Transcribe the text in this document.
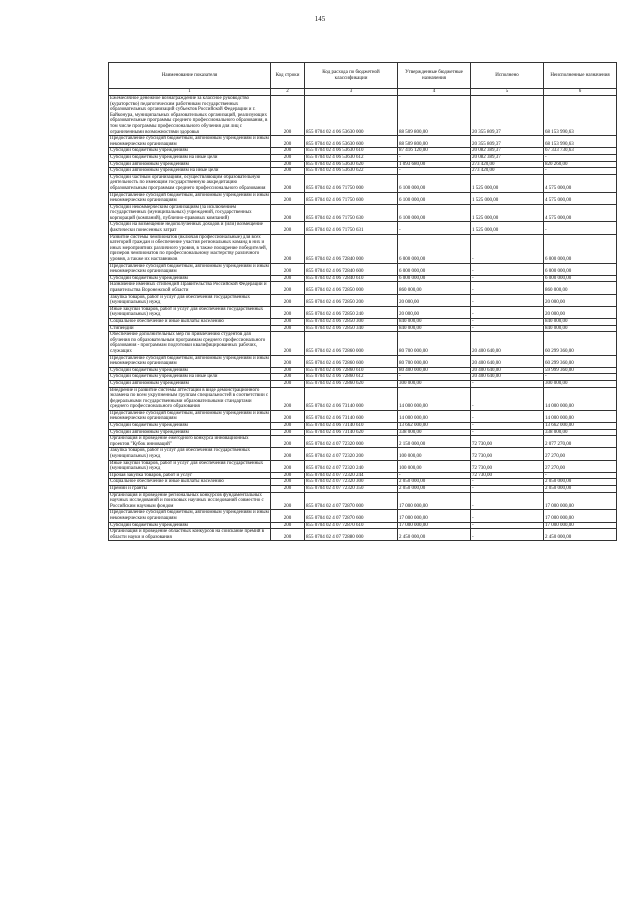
145
Наименование показателя	Код строки	Код расхода по бюджетной классификации	Утвержденные бюджетные назначения	Исполнено	Неисполненные назначения
1	2	3	4	5	6
Ежемесячное денежное вознаграждение за классное руководство (кураторство) педагогическим работникам государственных образовательных организаций субъектов Российской Федерации и г. Байконура, муниципальных образовательных организаций, реализующих образовательные программы среднего профессионального образования, в том числе программы профессионального обучения для лиц с ограниченными возможностями здоровья	200	855 0704 02 4 06 53630 000	88 509 800,00	20 355 809,37	68 153 990,63
Предоставление субсидий бюджетным, автономным учреждениям и иным некоммерческим организациям	200	855 0704 02 4 06 53630 600	88 509 800,00	20 355 809,37	68 153 990,63
Субсидии бюджетным учреждениям	200	855 0704 02 4 06 53630 610	87 416 120,00	20 082 389,37	67 333 730,63
Субсидии бюджетным учреждениям на иные цели	200	855 0704 02 4 06 53630 612	-	20 082 389,37	-
Субсидии автономным учреждениям	200	855 0704 02 4 06 53630 620	1 093 680,00	273 420,00	820 260,00
Субсидии автономным учреждениям на иные цели	200	855 0704 02 4 06 53630 622	-	273 420,00	-
Субсидии частным организациям, осуществляющим образовательную деятельность по имеющим государственную аккредитацию образовательным программам среднего профессионального образования	200	855 0704 02 4 06 71750 000	6 100 000,00	1 525 000,00	4 575 000,00
Предоставление субсидий бюджетным, автономным учреждениям и иным некоммерческим организациям	200	855 0704 02 4 06 71750 600	6 100 000,00	1 525 000,00	4 575 000,00
Субсидии некоммерческим организациям (за исключением государственных (муниципальных) учреждений, государственных корпораций (компаний), публично-правовых компаний)	200	855 0704 02 4 06 71750 630	6 100 000,00	1 525 000,00	4 575 000,00
Субсидии на возмещение недополученных доходов и (или) возмещение фактически понесенных затрат	200	855 0704 02 4 06 71750 631	-	1 525 000,00	-
Развитие системы чемпионатов (включая профессиональные) для всех категорий граждан и обеспечение участия региональных команд в них и иных мероприятиях различного уровня, в также поощрение победителей, призеров чемпионатов по профессиональному мастерству различного уровня, а также их наставников	200	855 0704 02 4 06 72840 000	6 000 000,00	-	6 000 000,00
Предоставление субсидий бюджетным, автономным учреждениям и иным некоммерческим организациям	200	855 0704 02 4 06 72840 600	6 000 000,00	-	6 000 000,00
Субсидии бюджетным учреждениям	200	855 0704 02 4 06 72840 610	6 000 000,00	-	6 000 000,00
Назначение именных стипендий Правительства Российской Федерации и правительства Воронежской области	200	855 0704 02 4 06 72850 000	860 000,00	-	860 000,00
Закупка товаров, работ и услуг для обеспечения государственных (муниципальных) нужд	200	855 0704 02 4 06 72850 200	20 000,00	-	20 000,00
Иные закупки товаров, работ и услуг для обеспечения государственных (муниципальных) нужд	200	855 0704 02 4 06 72850 240	20 000,00	-	20 000,00
Социальное обеспечение и иные выплаты населению	200	855 0704 02 4 06 72850 300	840 000,00	-	840 000,00
Стипендии	200	855 0704 02 4 06 72850 340	840 000,00	-	840 000,00
Обеспечение дополнительных мер по привлечению студентов для обучения по образовательным программам среднего профессионального образования - программам подготовки квалифицированных рабочих, служащих	200	855 0704 02 4 06 72860 000	80 700 000,00	20 400 640,00	60 299 360,00
Предоставление субсидий бюджетным, автономным учреждениям и иным некоммерческим организациям	200	855 0704 02 4 06 72860 600	80 700 000,00	20 400 640,00	60 299 360,00
Субсидии бюджетным учреждениям	200	855 0704 02 4 06 72860 610	80 400 000,00	20 400 640,00	59 999 360,00
Субсидии бюджетным учреждениям на иные цели	200	855 0704 02 4 06 72860 612	-	20 400 640,00	-
Субсидии автономным учреждениям	200	855 0704 02 4 06 72860 620	300 000,00	-	300 000,00
Внедрение и развитие системы аттестации в виде демонстрационного экзамена по всем укрупненным группам специальностей в соответствии с федеральными государственными образовательными стандартами среднего профессионального образования	200	855 0704 02 4 06 73140 000	14 000 000,00	-	14 000 000,00
Предоставление субсидий бюджетным, автономным учреждениям и иным некоммерческим организациям	200	855 0704 02 4 06 73140 600	14 000 000,00	-	14 000 000,00
Субсидии бюджетным учреждениям	200	855 0704 02 4 06 73140 610	13 662 000,00	-	13 662 000,00
Субсидии автономным учреждениям	200	855 0704 02 4 06 73140 620	338 000,00	-	338 000,00
Организация и проведение ежегодного конкурса инновационных проектов "Кубок инноваций"	200	855 0704 02 4 07 72320 000	2 150 000,00	72 730,00	2 077 270,00
Закупка товаров, работ и услуг для обеспечения государственных (муниципальных) нужд	200	855 0704 02 4 07 72320 200	100 000,00	72 730,00	27 270,00
Иные закупки товаров, работ и услуг для обеспечения государственных (муниципальных) нужд	200	855 0704 02 4 07 72320 240	100 000,00	72 730,00	27 270,00
Прочая закупка товаров, работ и услуг	200	855 0704 02 4 07 72320 244	-	72 730,00	-
Социальное обеспечение и иные выплаты населению	200	855 0704 02 4 07 72320 300	2 050 000,00	-	2 050 000,00
Премии и гранты	200	855 0704 02 4 07 72320 350	2 050 000,00	-	2 050 000,00
Организация и проведение региональных конкурсов фундаментальных научных исследований и поисковых научных исследований совместно с Российским научным фондом	200	855 0704 02 4 07 72870 000	17 000 000,00	-	17 000 000,00
Предоставление субсидий бюджетным, автономным учреждениям и иным некоммерческим организациям	200	855 0704 02 4 07 72870 600	17 000 000,00	-	17 000 000,00
Субсидии бюджетным учреждениям	200	855 0704 02 4 07 72870 610	17 000 000,00	-	17 000 000,00
Организация и проведение областных конкурсов на соискание премий в области науки и образования	200	855 0704 02 4 07 72880 000	2 450 000,00	-	2 450 000,00
